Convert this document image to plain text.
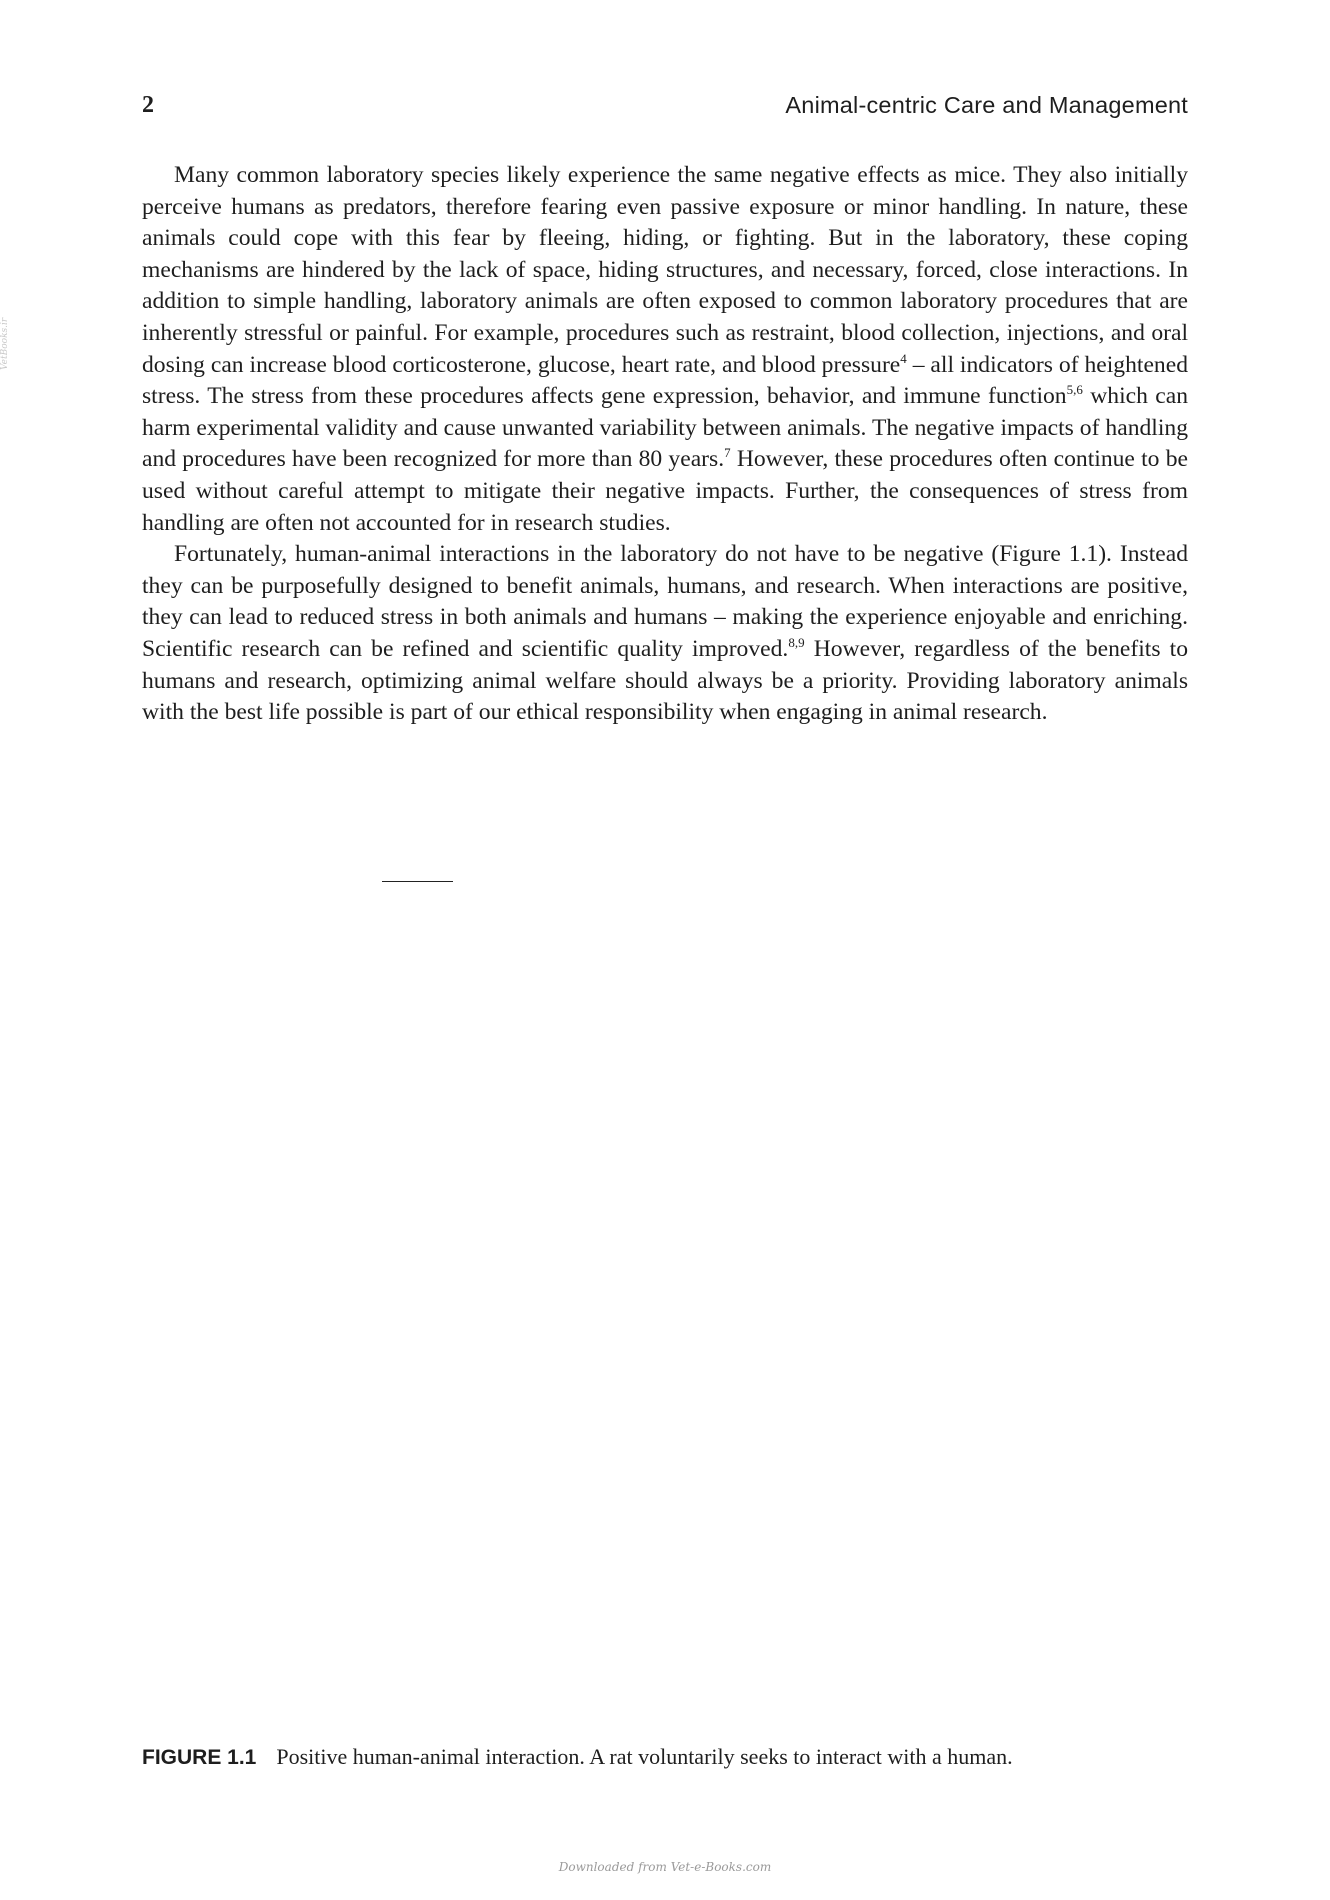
2	Animal-centric Care and Management
VetBooks.ir

Many common laboratory species likely experience the same negative effects as mice. They also initially perceive humans as predators, therefore fearing even passive exposure or minor handling. In nature, these animals could cope with this fear by fleeing, hiding, or fighting. But in the laboratory, these coping mechanisms are hindered by the lack of space, hiding structures, and necessary, forced, close interactions. In addition to simple handling, laboratory animals are often exposed to common laboratory procedures that are inherently stressful or painful. For example, procedures such as restraint, blood collection, injections, and oral dosing can increase blood corticosterone, glucose, heart rate, and blood pressure$^4$ – all indicators of heightened stress. The stress from these procedures affects gene expression, behavior, and immune function$^{5,6}$ which can harm experimental validity and cause unwanted variability between animals. The negative impacts of handling and procedures have been recognized for more than 80 years.$^7$ However, these procedures often continue to be used without careful attempt to mitigate their negative impacts. Further, the consequences of stress from handling are often not accounted for in research studies.

Fortunately, human-animal interactions in the laboratory do not have to be negative (Figure 1.1). Instead they can be purposefully designed to benefit animals, humans, and research. When interactions are positive, they can lead to reduced stress in both animals and humans – making the experience enjoyable and enriching. Scientific research can be refined and scientific quality improved.$^{8,9}$ However, regardless of the benefits to humans and research, optimizing animal welfare should always be a priority. Providing laboratory animals with the best life possible is part of our ethical responsibility when engaging in animal research.

FIGURE 1.1 Positive human-animal interaction. A rat voluntarily seeks to interact with a human.
Downloaded from Vet-e-Books.com
